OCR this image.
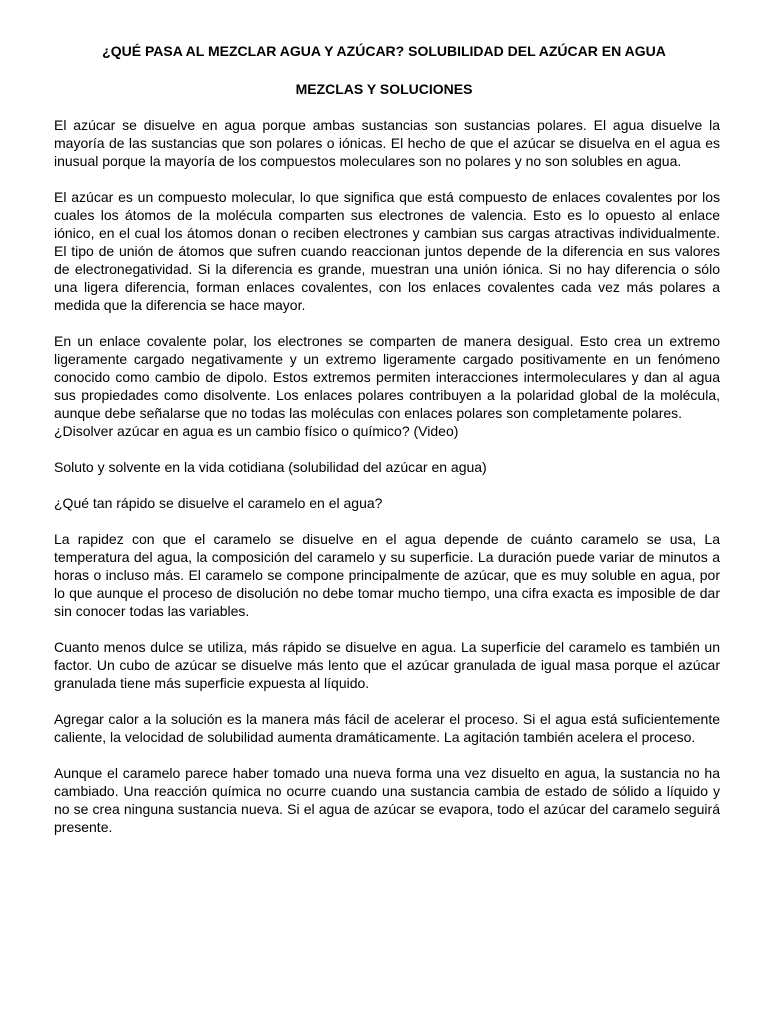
¿QUÉ PASA AL MEZCLAR AGUA Y AZÚCAR? SOLUBILIDAD DEL AZÚCAR EN AGUA
MEZCLAS Y SOLUCIONES

El azúcar se disuelve en agua porque ambas sustancias son sustancias polares. El agua disuelve la mayoría de las sustancias que son polares o iónicas. El hecho de que el azúcar se disuelva en el agua es inusual porque la mayoría de los compuestos moleculares son no polares y no son solubles en agua.

El azúcar es un compuesto molecular, lo que significa que está compuesto de enlaces covalentes por los cuales los átomos de la molécula comparten sus electrones de valencia. Esto es lo opuesto al enlace iónico, en el cual los átomos donan o reciben electrones y cambian sus cargas atractivas individualmente. El tipo de unión de átomos que sufren cuando reaccionan juntos depende de la diferencia en sus valores de electronegatividad. Si la diferencia es grande, muestran una unión iónica. Si no hay diferencia o sólo una ligera diferencia, forman enlaces covalentes, con los enlaces covalentes cada vez más polares a medida que la diferencia se hace mayor.

En un enlace covalente polar, los electrones se comparten de manera desigual. Esto crea un extremo ligeramente cargado negativamente y un extremo ligeramente cargado positivamente en un fenómeno conocido como cambio de dipolo. Estos extremos permiten interacciones intermoleculares y dan al agua sus propiedades como disolvente. Los enlaces polares contribuyen a la polaridad global de la molécula, aunque debe señalarse que no todas las moléculas con enlaces polares son completamente polares.

¿Disolver azúcar en agua es un cambio físico o químico? (Video)

Soluto y solvente en la vida cotidiana (solubilidad del azúcar en agua)

¿Qué tan rápido se disuelve el caramelo en el agua?

La rapidez con que el caramelo se disuelve en el agua depende de cuánto caramelo se usa, La temperatura del agua, la composición del caramelo y su superficie. La duración puede variar de minutos a horas o incluso más. El caramelo se compone principalmente de azúcar, que es muy soluble en agua, por lo que aunque el proceso de disolución no debe tomar mucho tiempo, una cifra exacta es imposible de dar sin conocer todas las variables.

Cuanto menos dulce se utiliza, más rápido se disuelve en agua. La superficie del caramelo es también un factor. Un cubo de azúcar se disuelve más lento que el azúcar granulada de igual masa porque el azúcar granulada tiene más superficie expuesta al líquido.

Agregar calor a la solución es la manera más fácil de acelerar el proceso. Si el agua está suficientemente caliente, la velocidad de solubilidad aumenta dramáticamente. La agitación también acelera el proceso.

Aunque el caramelo parece haber tomado una nueva forma una vez disuelto en agua, la sustancia no ha cambiado. Una reacción química no ocurre cuando una sustancia cambia de estado de sólido a líquido y no se crea ninguna sustancia nueva. Si el agua de azúcar se evapora, todo el azúcar del caramelo seguirá presente.
